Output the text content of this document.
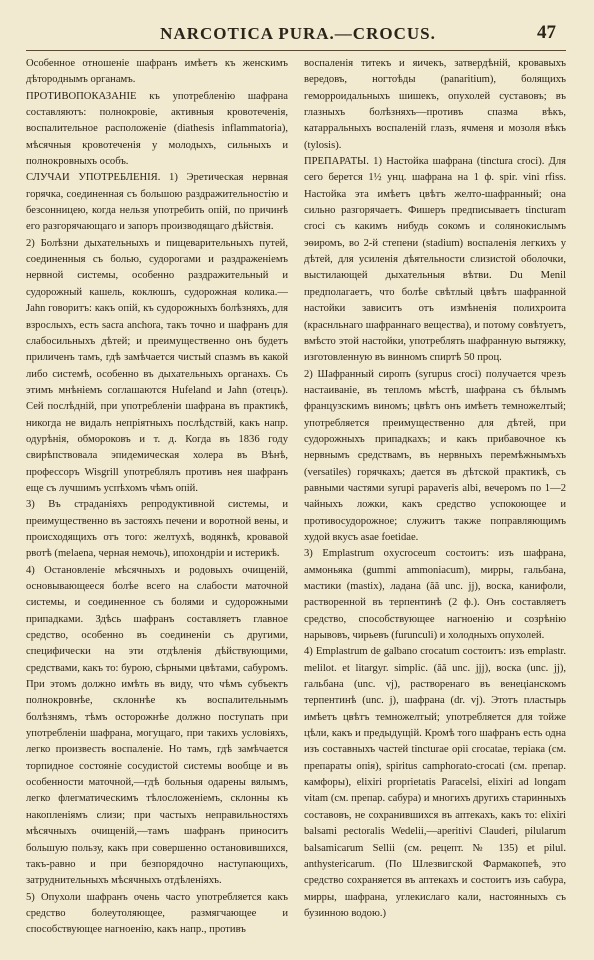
NARCOTICA PURA.—CROCUS.	47

Особенное отношенiе шафранъ имѣетъ къ женскимъ дѣторoднымъ органамъ.

ПРОТИВОПОКАЗАНIЕ къ употребленiю шафрана составляютъ: полнокровiе, активныя кровотеченiя, воспалительное расположенiе (diathesis inflammatoria), мѣсячныя кровотеченiя у молодыхъ, сильныхъ и полнокровныхъ особъ.

СЛУЧАИ УПОТРЕБЛЕНIЯ. 1) Эретическая нервная горячка, соединенная съ большою раздражительностiю и безсонницею, когда нельзя употребить опiй, по причинѣ его разгорячающаго и запоръ производящаго дѣйствiя.

2) Болѣзни дыхательныхъ и пищеварительныхъ путей, соединенныя съ болью, судорогами и раздраженiемъ нервной системы, особенно раздражительный и судорожный кашель, коклюшъ, судорожная колика.— Jahn говоритъ: какъ опiй, къ судорожныхъ болѣзняхъ, для взрослыхъ, есть sacra anchora, такъ точно и шафранъ для слабосильныхъ дѣтей; и преимущественно онъ будетъ приличенъ тамъ, гдѣ замѣчается чистый спазмъ въ какой либо системѣ, особенно въ дыхательныхъ органахъ. Съ этимъ мнѣнiемъ соглашаются Hufeland и Jahn (отецъ). Сей послѣднiй, при употребленiи шафрана въ практикѣ, никогда не видалъ непрiятныхъ послѣдствiй, какъ напр. одурѣнiя, обмороковъ и т. д. Когда въ 1836 году свирѣпствовала эпидемическая холера въ Вѣнѣ, профессоръ Wisgrill употреблялъ противъ нея шафранъ еще съ лучшимъ успѣхомъ чѣмъ опiй.

3) Въ страданiяхъ репродуктивной системы, и преимущественно въ застояхъ печени и воротной вены, и происходящихъ отъ того: желтухѣ, водянкѣ, кровавой рвотѣ (melaena, черная немочь), ипохондрiи и истерикѣ.

4) Остановленiе мѣсячныхъ и родовыхъ очищенiй, основывающееся болѣе всего на слабости маточной системы, и соединенное съ болями и судорожными припадками. Здѣсь шафранъ составляетъ главное средство, особенно въ соединенiи съ другими, специфически на эти отдѣленiя дѣйствующими, средствами, какъ то: бурою, сѣрными цвѣтами, сабуромъ. При этомъ должно имѣть въ виду, что чѣмъ субъектъ полнокровнѣе, склоннѣе къ воспалительнымъ болѣзнямъ, тѣмъ осторожнѣе должно поступать при употребленiи шафрана, могущаго, при такихъ условiяхъ, легко произвесть воспаленiе. Но тамъ, гдѣ замѣчается торпидное состоянiе сосудистой системы вообще и въ особенности маточной,—гдѣ больныя одарены вялымъ, легко флегматическимъ тѣлосложенiемъ, склонны къ накопленiямъ слизи; при частыхъ неправильностяхъ мѣсячныхъ очищенiй,—тамъ шафранъ приноситъ большую пользу, какъ при совершенно остановившихся, такъ-равно и при безпорядочно наступающихъ, затруднительныхъ мѣсячныхъ отдѣленiяхъ.

5) Опухоли шафранъ очень часто употребляется какъ средство болеутоляющее, размягчающее и способствующее нагноенiю, какъ напр., противъ

воспаленiя титекъ и яичекъ, затвердѣнiй, кровавыхъ вередовъ, ногтоѣды (panaritium), болящихъ геморроидальныхъ шишекъ, опухолей суставовъ; въ глазныхъ болѣзняхъ—противъ спазма вѣкъ, катарральныхъ воспаленiй глазъ, ячменя и мозоля вѣкъ (tylosis).

ПРЕПАРАТЫ. 1) Настойка шафрана (tinctura croci). Для сего берется 1½ унц. шафрана на 1 ф. spir. vini rfiss. Настойка эта имѣетъ цвѣтъ желто-шафранный; она сильно разгорячаетъ. Фишеръ предписываетъ tincturam croci съ какимъ нибудь сокомъ и солянокислымъ эѳиромъ, во 2-й степени (stadium) воспаленiя легкихъ у дѣтей, для усиленiя дѣятельности слизистой оболочки, выстилающей дыхательныя вѣтви. Du Menil предполагаетъ, что болѣе свѣтлый цвѣтъ шафранной настойки зависитъ отъ измѣненiя полихроита (краснльнаго шафраннаго вещества), и потому совѣтуетъ, вмѣсто этой настойки, употреблять шафранную вытяжку, изготовленную въ винномъ спиртѣ 50 проц.

2) Шафранный сиропъ (syrupus croci) получается чрезъ настаиванiе, въ тепломъ мѣстѣ, шафрана съ бѣлымъ французскимъ виномъ; цвѣтъ онъ имѣетъ темножелтый; употребляется преимущественно для дѣтей, при судорожныхъ припадкахъ; и какъ прибавочное къ нервнымъ средствамъ, въ нервныхъ перемѣжнымъхъ (versatiles) горячкахъ; дается въ дѣтской практикѣ, съ равными частями syrupi papaveris albi, вечеромъ по 1—2 чайныхъ ложки, какъ средство успокоющее и противосудорожное; служитъ также поправляющимъ худой вкусъ asae foetidae.

3) Emplastrum oxycroceum состоитъ: изъ шафрана, аммоньяка (gummi ammoniacum), мирры, гальбана, мастики (mastix), ладана (ăă unc. jj), воска, канифоли, растворенной въ терпентинѣ (2 ф.). Онъ составляетъ средство, способствующее нагноенiю и созрѣнiю нарывовъ, чирьевъ (furunculi) и холодныхъ опухолей.

4) Emplastrum de galbano crocatum состоитъ: изъ emplastr. melilot. et litargyr. simplic. (ăă unc. jjj), воска (unc. jj), гальбана (unc. vj), растворенаго въ венецiанскомъ терпентинѣ (unc. j), шафрана (dr. vj). Этотъ пластырь имѣетъ цвѣтъ темножелтый; употребляется для тойже цѣли, какъ и предыдущiй. Кромѣ того шафранъ есть одна изъ составныхъ частей tincturae opii crocatae, терiака (см. препараты опiя), spiritus camphorato-crocati (см. препар. камфоры), elixiri proprietatis Paracelsi, elixiri ad longam vitam (см. препар. сабура) и многихъ другихъ старинныхъ составовъ, не сохранившихся въ аптекахъ, какъ то: elixiri balsami pectoralis Wedelii,—aperitivi Clauderi, pilularum balsamicarum Sellii (см. рецепт. № 135) et pilul. anthystericarum. (По Шлезвигской Фармакопеѣ, это средство сохраняется въ аптекахъ и состоитъ изъ сабура, мирры, шафрана, углекислаго кали, настоянныхъ съ бузинною водою.)
